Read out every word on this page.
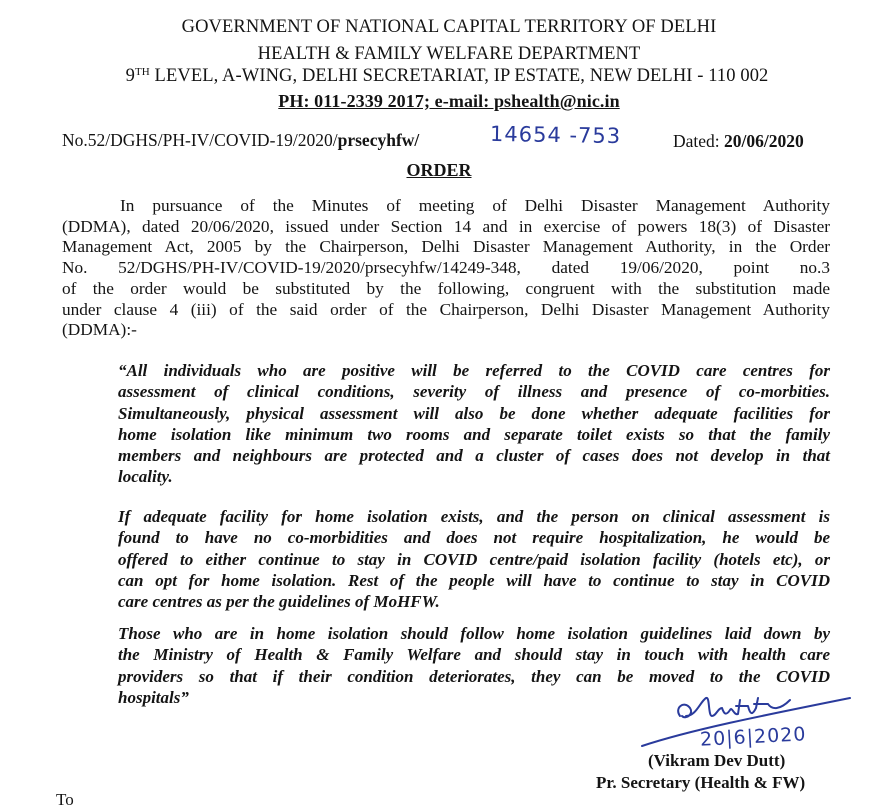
GOVERNMENT OF NATIONAL CAPITAL TERRITORY OF DELHI
HEALTH & FAMILY WELFARE DEPARTMENT
9TH LEVEL, A-WING, DELHI SECRETARIAT, IP ESTATE, NEW DELHI - 110 002
PH: 011-2339 2017; e-mail: pshealth@nic.in
No.52/DGHS/PH-IV/COVID-19/2020/prsecyhfw/	14654 -753	Dated: 20/06/2020
ORDER
In pursuance of the Minutes of meeting of Delhi Disaster Management Authority
(DDMA), dated 20/06/2020, issued under Section 14 and in exercise of powers 18(3) of Disaster
Management Act, 2005 by the Chairperson, Delhi Disaster Management Authority, in the Order
No. 52/DGHS/PH-IV/COVID-19/2020/prsecyhfw/14249-348, dated 19/06/2020, point no.3
of the order would be substituted by the following, congruent with the substitution made
under clause 4 (iii) of the said order of the Chairperson, Delhi Disaster Management Authority
(DDMA):-
“All individuals who are positive will be referred to the COVID care centres for
assessment of clinical conditions, severity of illness and presence of co-morbities.
Simultaneously, physical assessment will also be done whether adequate facilities for
home isolation like minimum two rooms and separate toilet exists so that the family
members and neighbours are protected and a cluster of cases does not develop in that
locality.
If adequate facility for home isolation exists, and the person on clinical assessment is
found to have no co-morbidities and does not require hospitalization, he would be
offered to either continue to stay in COVID centre/paid isolation facility (hotels etc), or
can opt for home isolation. Rest of the people will have to continue to stay in COVID
care centres as per the guidelines of MoHFW.
Those who are in home isolation should follow home isolation guidelines laid down by
the Ministry of Health & Family Welfare and should stay in touch with health care
providers so that if their condition deteriorates, they can be moved to the COVID
hospitals”
20|6|2020
(Vikram Dev Dutt)
Pr. Secretary (Health & FW)
To
